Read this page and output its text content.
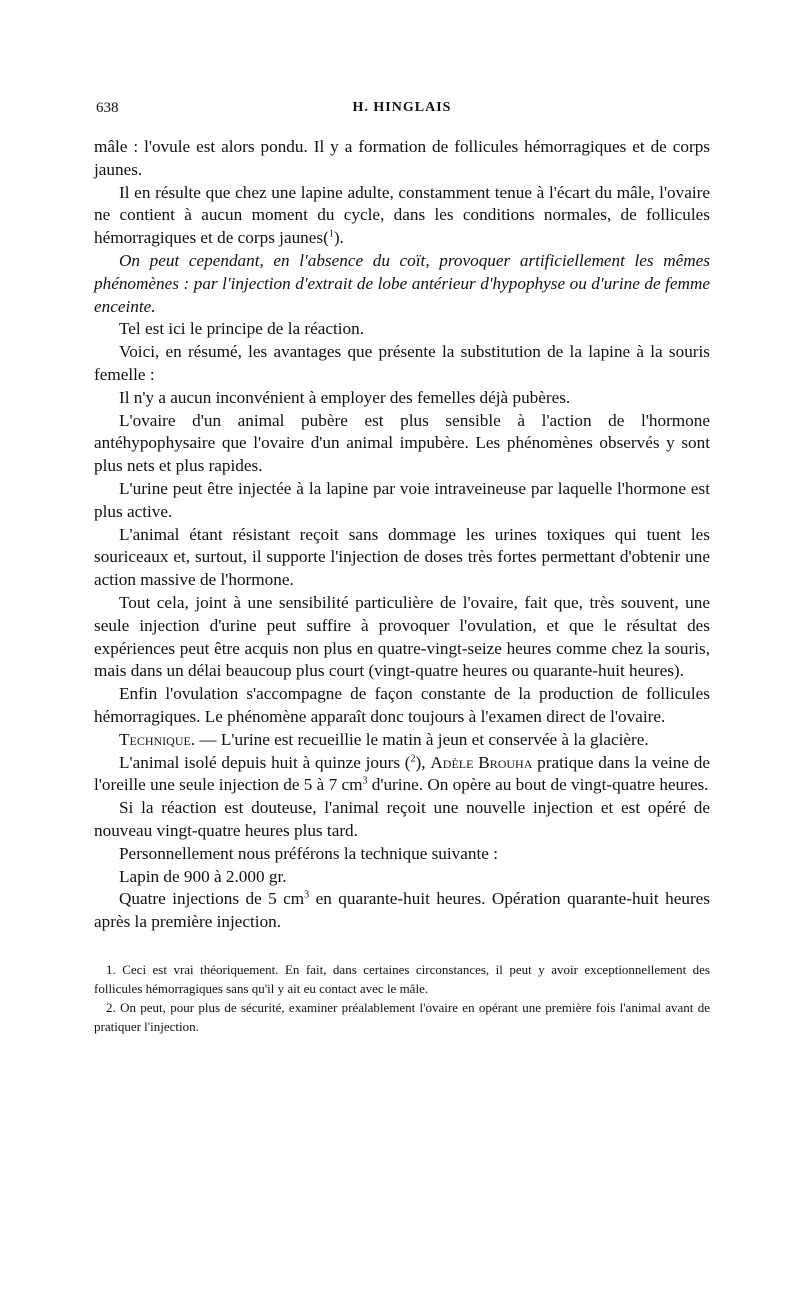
638	H. HINGLAIS

mâle : l'ovule est alors pondu. Il y a formation de follicules hémorragiques et de corps jaunes.

Il en résulte que chez une lapine adulte, constamment tenue à l'écart du mâle, l'ovaire ne contient à aucun moment du cycle, dans les conditions normales, de follicules hémorragiques et de corps jaunes($^1$).

On peut cependant, en l'absence du coït, provoquer artificiellement les mêmes phénomènes : par l'injection d'extrait de lobe antérieur d'hypophyse ou d'urine de femme enceinte.

Tel est ici le principe de la réaction.

Voici, en résumé, les avantages que présente la substitution de la lapine à la souris femelle :

Il n'y a aucun inconvénient à employer des femelles déjà pubères.

L'ovaire d'un animal pubère est plus sensible à l'action de l'hormone antéhypophysaire que l'ovaire d'un animal impubère. Les phénomènes observés y sont plus nets et plus rapides.

L'urine peut être injectée à la lapine par voie intraveineuse par laquelle l'hormone est plus active.

L'animal étant résistant reçoit sans dommage les urines toxiques qui tuent les souriceaux et, surtout, il supporte l'injection de doses très fortes permettant d'obtenir une action massive de l'hormone.

Tout cela, joint à une sensibilité particulière de l'ovaire, fait que, très souvent, une seule injection d'urine peut suffire à provoquer l'ovulation, et que le résultat des expériences peut être acquis non plus en quatre-vingt-seize heures comme chez la souris, mais dans un délai beaucoup plus court (vingt-quatre heures ou quarante-huit heures).

Enfin l'ovulation s'accompagne de façon constante de la production de follicules hémorragiques. Le phénomène apparaît donc toujours à l'examen direct de l'ovaire.

Technique. — L'urine est recueillie le matin à jeun et conservée à la glacière.

L'animal isolé depuis huit à quinze jours ($^2$), Adèle Brouha pratique dans la veine de l'oreille une seule injection de 5 à 7 $cm^3$ d'urine. On opère au bout de vingt-quatre heures.

Si la réaction est douteuse, l'animal reçoit une nouvelle injection et est opéré de nouveau vingt-quatre heures plus tard.

Personnellement nous préférons la technique suivante :

Lapin de 900 à 2.000 gr.

Quatre injections de 5 $cm^3$ en quarante-huit heures. Opération quarante-huit heures après la première injection.

1. Ceci est vrai théoriquement. En fait, dans certaines circonstances, il peut y avoir exceptionnellement des follicules hémorragiques sans qu'il y ait eu contact avec le mâle.

2. On peut, pour plus de sécurité, examiner préalablement l'ovaire en opérant une première fois l'animal avant de pratiquer l'injection.
